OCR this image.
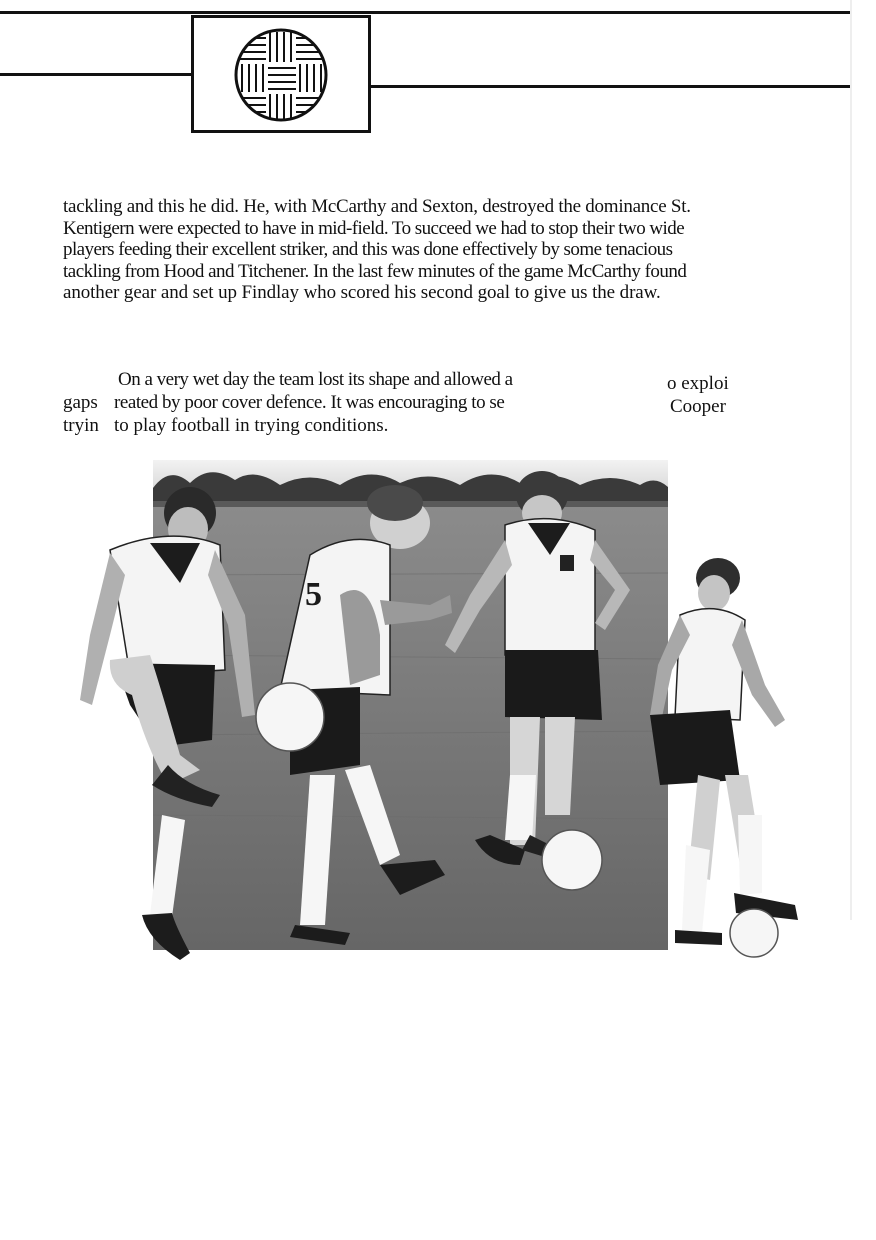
tackling and this he did. He, with McCarthy and Sexton, destroyed the dominance St.

Kentigern were expected to have in mid-field. To succeed we had to stop their two wide

players feeding their excellent striker, and this was done effectively by some tenacious

tackling from Hood and Titchener. In the last few minutes of the game McCarthy found

another gear and set up Findlay who scored his second goal to give us the draw.

On a very wet day the team lost its shape and allowed a	o exploi
gaps reated by poor cover defence. It was encouraging to se	Cooper
tryin to play football in trying conditions.
5
